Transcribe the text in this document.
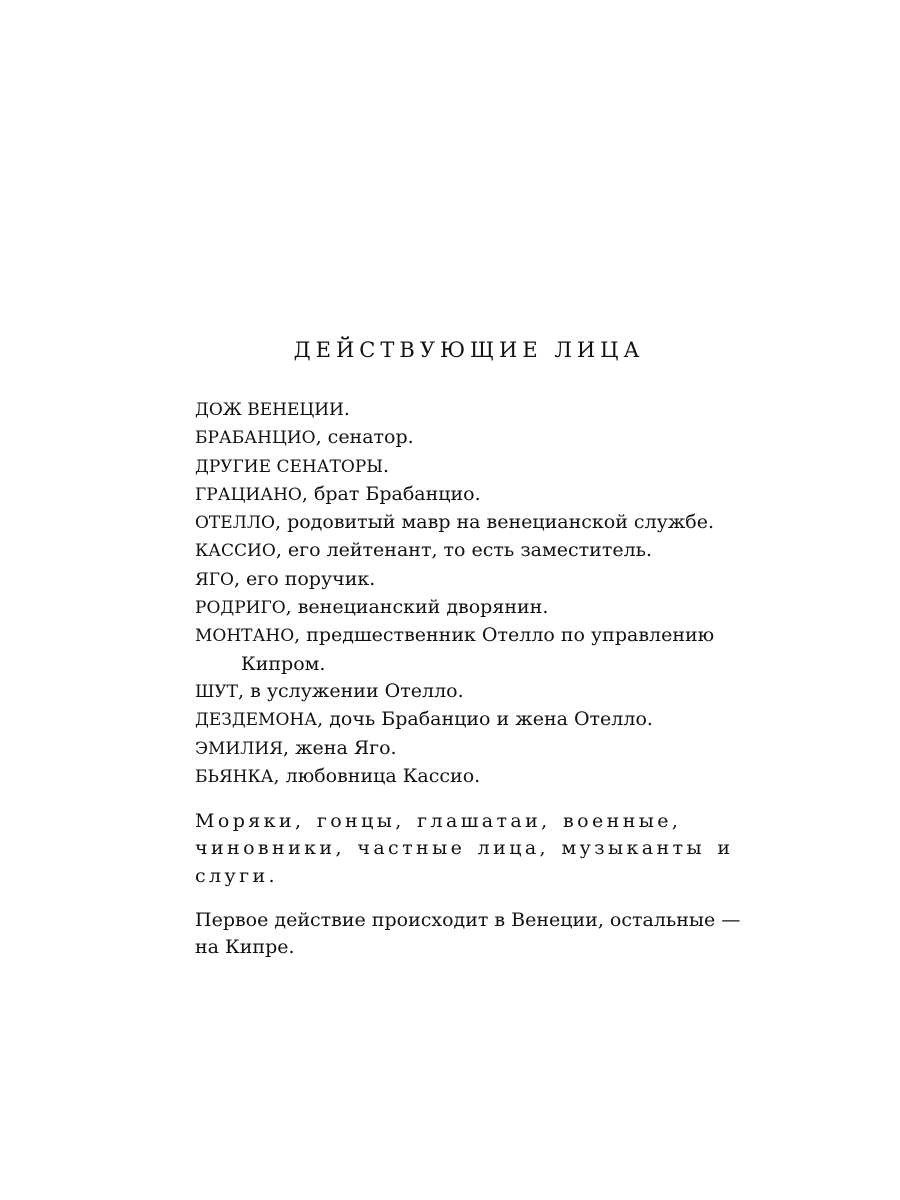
ДЕЙСТВУЮЩИЕ ЛИЦА

ДОЖ ВЕНЕЦИИ.

БРАБАНЦИО, сенатор.

ДРУГИЕ СЕНАТОРЫ.

ГРАЦИАНО, брат Брабанцио.

ОТЕЛЛО, родовитый мавр на венецианской службе.

КАССИО, его лейтенант, то есть заместитель.

ЯГО, его поручик.

РОДРИГО, венецианский дворянин.

МОНТАНО, предшественник Отелло по управлению Кипром.

ШУТ, в услужении Отелло.

ДЕЗДЕМОНА, дочь Брабанцио и жена Отелло.

ЭМИЛИЯ, жена Яго.

БЬЯНКА, любовница Кассио.

Моряки, гонцы, глашатаи, военные, чиновники, частные лица, музыканты и слуги.

Первое действие происходит в Венеции, остальные — на Кипре.
